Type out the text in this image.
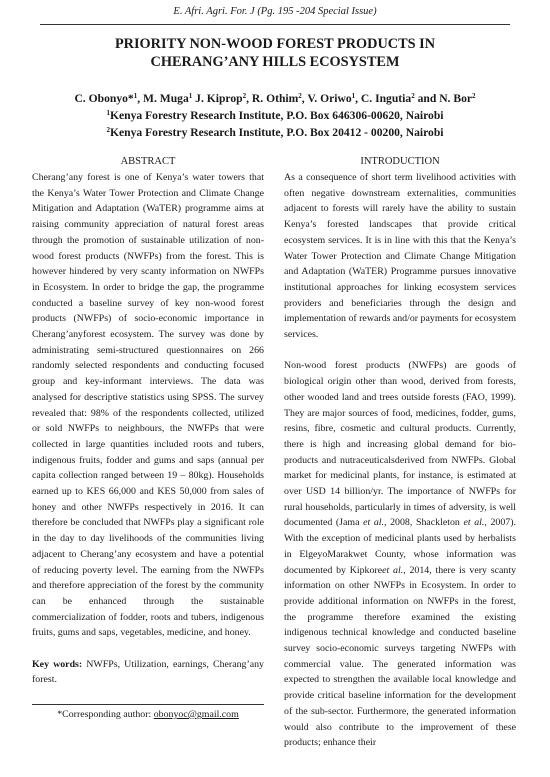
E. Afri. Agri. For. J (Pg. 195 -204 Special Issue)
PRIORITY NON-WOOD FOREST PRODUCTS IN
CHERANG’ANY HILLS ECOSYSTEM
C. Obonyo*$^1$, M. Muga$^1$ J. Kiprop$^2$, R. Othim$^2$, V. Oriwo$^1$, C. Ingutia$^2$ and N. Bor$^2$
$^1$Kenya Forestry Research Institute, P.O. Box 646306-00620, Nairobi
$^2$Kenya Forestry Research Institute, P.O. Box 20412 - 00200, Nairobi
ABSTRACT

Cherang’any forest is one of Kenya’s water towers that the Kenya’s Water Tower Protection and Climate Change Mitigation and Adaptation (WaTER) programme aims at raising community appreciation of natural forest areas through the promotion of sustainable utilization of non-wood forest products (NWFPs) from the forest. This is however hindered by very scanty information on NWFPs in Ecosystem. In order to bridge the gap, the programme conducted a baseline survey of key non-wood forest products (NWFPs) of socio-economic importance in Cherang’anyforest ecosystem. The survey was done by administrating semi-structured questionnaires on 266 randomly selected respondents and conducting focused group and key-informant interviews. The data was analysed for descriptive statistics using SPSS. The survey revealed that: 98% of the respondents collected, utilized or sold NWFPs to neighbours, the NWFPs that were collected in large quantities included roots and tubers, indigenous fruits, fodder and gums and saps (annual per capita collection ranged between 19 – 80kg). Households earned up to KES 66,000 and KES 50,000 from sales of honey and other NWFPs respectively in 2016. It can therefore be concluded that NWFPs play a significant role in the day to day livelihoods of the communities living adjacent to Cherang’any ecosystem and have a potential of reducing poverty level. The earning from the NWFPs and therefore appreciation of the forest by the community can be enhanced through the sustainable commercialization of fodder, roots and tubers, indigenous fruits, gums and saps, vegetables, medicine, and honey.

Key words: NWFPs, Utilization, earnings, Cherang’any forest.

*Corresponding author: obonyoc@gmail.com
INTRODUCTION

As a consequence of short term livelihood activities with often negative downstream externalities, communities adjacent to forests will rarely have the ability to sustain Kenya’s forested landscapes that provide critical ecosystem services. It is in line with this that the Kenya’s Water Tower Protection and Climate Change Mitigation and Adaptation (WaTER) Programme pursues innovative institutional approaches for linking ecosystem services providers and beneficiaries through the design and implementation of rewards and/or payments for ecosystem services.

Non-wood forest products (NWFPs) are goods of biological origin other than wood, derived from forests, other wooded land and trees outside forests (FAO, 1999). They are major sources of food, medicines, fodder, gums, resins, fibre, cosmetic and cultural products. Currently, there is high and increasing global demand for bio-products and nutraceuticalsderived from NWFPs. Global market for medicinal plants, for instance, is estimated at over USD 14 billion/yr. The importance of NWFPs for rural households, particularly in times of adversity, is well documented (Jama et al., 2008, Shackleton et al., 2007). With the exception of medicinal plants used by herbalists in ElgeyoMarakwet County, whose information was documented by Kipkoreet al., 2014, there is very scanty information on other NWFPs in Ecosystem. In order to provide additional information on NWFPs in the forest, the programme therefore examined the existing indigenous technical knowledge and conducted baseline survey socio-economic surveys targeting NWFPs with commercial value. The generated information was expected to strengthen the available local knowledge and provide critical baseline information for the development of the sub-sector. Furthermore, the generated information would also contribute to the improvement of these products; enhance their
